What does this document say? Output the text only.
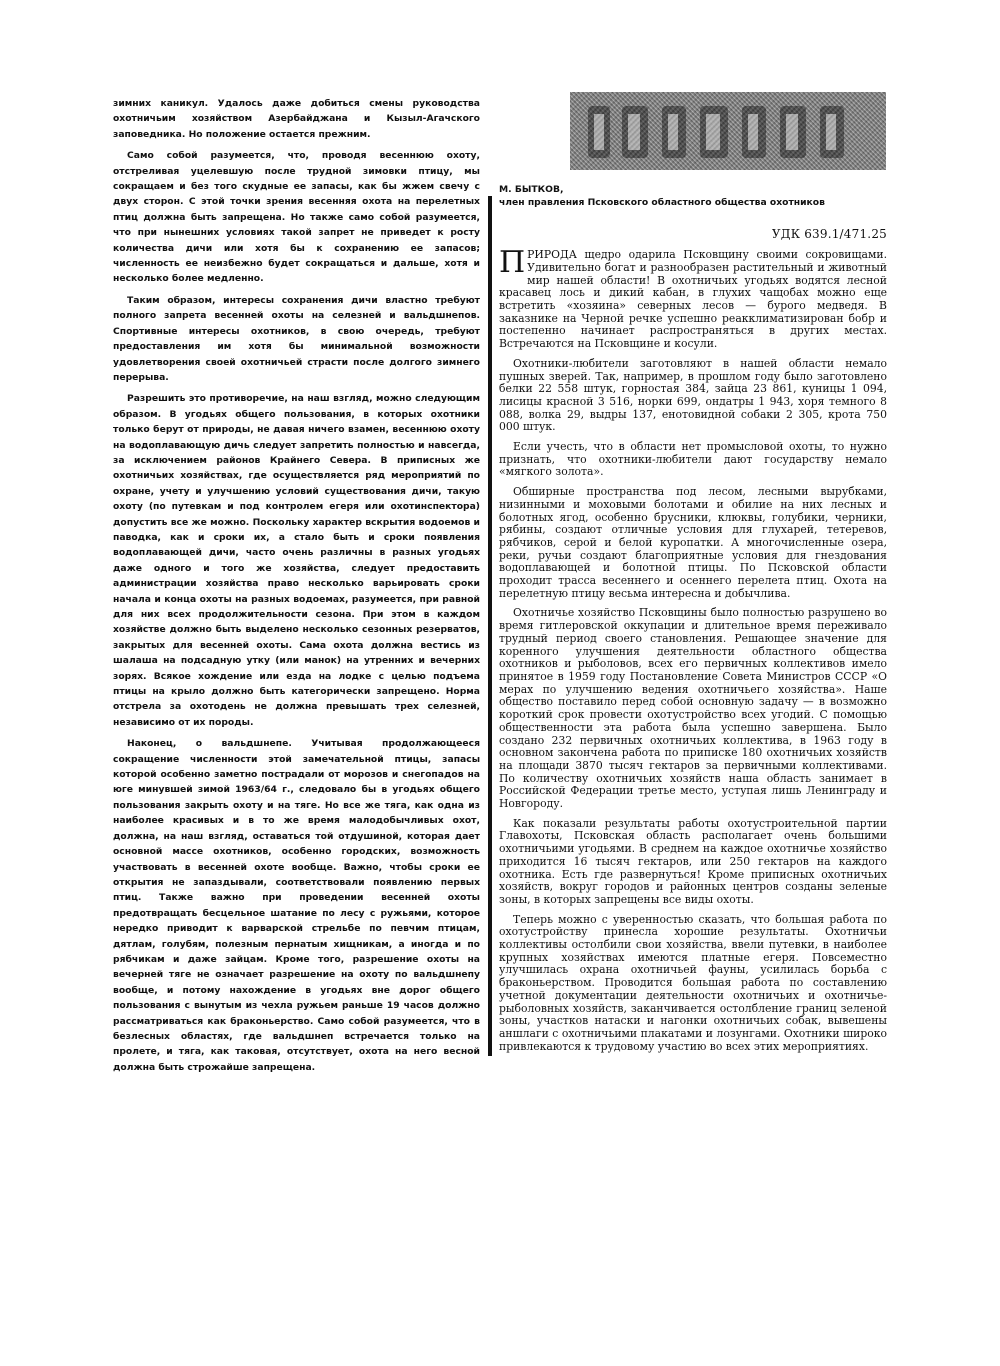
зимних каникул. Удалось даже добиться смены руководства охотничьим хозяйством Азербайджана и Кызыл-Агачского заповедника. Но положение остается прежним.

Само собой разумеется, что, проводя весеннюю охоту, отстреливая уцелевшую после трудной зимовки птицу, мы сокращаем и без того скудные ее запасы, как бы жжем свечу с двух сторон. С этой точки зрения весенняя охота на перелетных птиц должна быть запрещена. Но также само собой разумеется, что при нынешних условиях такой запрет не приведет к росту количества дичи или хотя бы к сохранению ее запасов; численность ее неизбежно будет сокращаться и дальше, хотя и несколько более медленно.

Таким образом, интересы сохранения дичи властно требуют полного запрета весенней охоты на селезней и вальдшнепов. Спортивные интересы охотников, в свою очередь, требуют предоставления им хотя бы минимальной возможности удовлетворения своей охотничьей страсти после долгого зимнего перерыва.

Разрешить это противоречие, на наш взгляд, можно следующим образом. В угодьях общего пользования, в которых охотники только берут от природы, не давая ничего взамен, весеннюю охоту на водоплавающую дичь следует запретить полностью и навсегда, за исключением районов Крайнего Севера. В приписных же охотничьих хозяйствах, где осуществляется ряд мероприятий по охране, учету и улучшению условий существования дичи, такую охоту (по путевкам и под контролем егеря или охотинспектора) допустить все же можно. Поскольку характер вскрытия водоемов и паводка, как и сроки их, а стало быть и сроки появления водоплавающей дичи, часто очень различны в разных угодьях даже одного и того же хозяйства, следует предоставить администрации хозяйства право несколько варьировать сроки начала и конца охоты на разных водоемах, разумеется, при равной для них всех продолжительности сезона. При этом в каждом хозяйстве должно быть выделено несколько сезонных резерватов, закрытых для весенней охоты. Сама охота должна вестись из шалаша на подсадную утку (или манок) на утренних и вечерних зорях. Всякое хождение или езда на лодке с целью подъема птицы на крыло должно быть категорически запрещено. Норма отстрела за охотодень не должна превышать трех селезней, независимо от их породы.

Наконец, о вальдшнепе. Учитывая продолжающееся сокращение численности этой замечательной птицы, запасы которой особенно заметно пострадали от морозов и снегопадов на юге минувшей зимой 1963/64 г., следовало бы в угодьях общего пользования закрыть охоту и на тяге. Но все же тяга, как одна из наиболее красивых и в то же время малодобычливых охот, должна, на наш взгляд, оставаться той отдушиной, которая дает основной массе охотников, особенно городских, возможность участвовать в весенней охоте вообще. Важно, чтобы сроки ее открытия не запаздывали, соответствовали появлению первых птиц. Также важно при проведении весенней охоты предотвращать бесцельное шатание по лесу с ружьями, которое нередко приводит к варварской стрельбе по певчим птицам, дятлам, голубям, полезным пернатым хищникам, а иногда и по рябчикам и даже зайцам. Кроме того, разрешение охоты на вечерней тяге не означает разрешение на охоту по вальдшнепу вообще, и потому нахождение в угодьях вне дорог общего пользования с вынутым из чехла ружьем раньше 19 часов должно рассматриваться как браконьерство. Само собой разумеется, что в безлесных областях, где вальдшнеп встречается только на пролете, и тяга, как таковая, отсутствует, охота на него весной должна быть строжайше запрещена.

М. БЫТКОВ,
член правления Псковского областного общества охотников
УДК 639.1/471.25

ПРИРОДА щедро одарила Псковщину своими сокровищами. Удивительно богат и разнообразен растительный и животный мир нашей области! В охотничьих угодьях водятся лесной красавец лось и дикий кабан, в глухих чащобах можно еще встретить «хозяина» северных лесов — бурого медведя. В заказнике на Черной речке успешно реакклиматизирован бобр и постепенно начинает распространяться в других местах. Встречаются на Псковщине и косули.

Охотники-любители заготовляют в нашей области немало пушных зверей. Так, например, в прошлом году было заготовлено белки 22 558 штук, горностая 384, зайца 23 861, куницы 1 094, лисицы красной 3 516, норки 699, ондатры 1 943, хоря темного 8 088, волка 29, выдры 137, енотовидной собаки 2 305, крота 750 000 штук.

Если учесть, что в области нет промысловой охоты, то нужно признать, что охотники-любители дают государству немало «мягкого золота».

Обширные пространства под лесом, лесными вырубками, низинными и моховыми болотами и обилие на них лесных и болотных ягод, особенно брусники, клюквы, голубики, черники, рябины, создают отличные условия для глухарей, тетеревов, рябчиков, серой и белой куропатки. А многочисленные озера, реки, ручьи создают благоприятные условия для гнездования водоплавающей и болотной птицы. По Псковской области проходит трасса весеннего и осеннего перелета птиц. Охота на перелетную птицу весьма интересна и добычлива.

Охотничье хозяйство Псковщины было полностью разрушено во время гитлеровской оккупации и длительное время переживало трудный период своего становления. Решающее значение для коренного улучшения деятельности областного общества охотников и рыболовов, всех его первичных коллективов имело принятое в 1959 году Постановление Совета Министров СССР «О мерах по улучшению ведения охотничьего хозяйства». Наше общество поставило перед собой основную задачу — в возможно короткий срок провести охотустройство всех угодий. С помощью общественности эта работа была успешно завершена. Было создано 232 первичных охотничьих коллектива, в 1963 году в основном закончена работа по приписке 180 охотничьих хозяйств на площади 3870 тысяч гектаров за первичными коллективами. По количеству охотничьих хозяйств наша область занимает в Российской Федерации третье место, уступая лишь Ленинграду и Новгороду.

Как показали результаты работы охотустроительной партии Главохоты, Псковская область располагает очень большими охотничьими угодьями. В среднем на каждое охотничье хозяйство приходится 16 тысяч гектаров, или 250 гектаров на каждого охотника. Есть где развернуться! Кроме приписных охотничьих хозяйств, вокруг городов и районных центров созданы зеленые зоны, в которых запрещены все виды охоты.

Теперь можно с уверенностью сказать, что большая работа по охотустройству принесла хорошие результаты. Охотничьи коллективы остолбили свои хозяйства, ввели путевки, в наиболее крупных хозяйствах имеются платные егеря. Повсеместно улучшилась охрана охотничьей фауны, усилилась борьба с браконьерством. Проводится большая работа по составлению учетной документации деятельности охотничьих и охотничье-рыболовных хозяйств, заканчивается остолбление границ зеленой зоны, участков натаски и нагонки охотничьих собак, вывешены аншлаги с охотничьими плакатами и лозунгами. Охотники широко привлекаются к трудовому участию во всех этих мероприятиях.
